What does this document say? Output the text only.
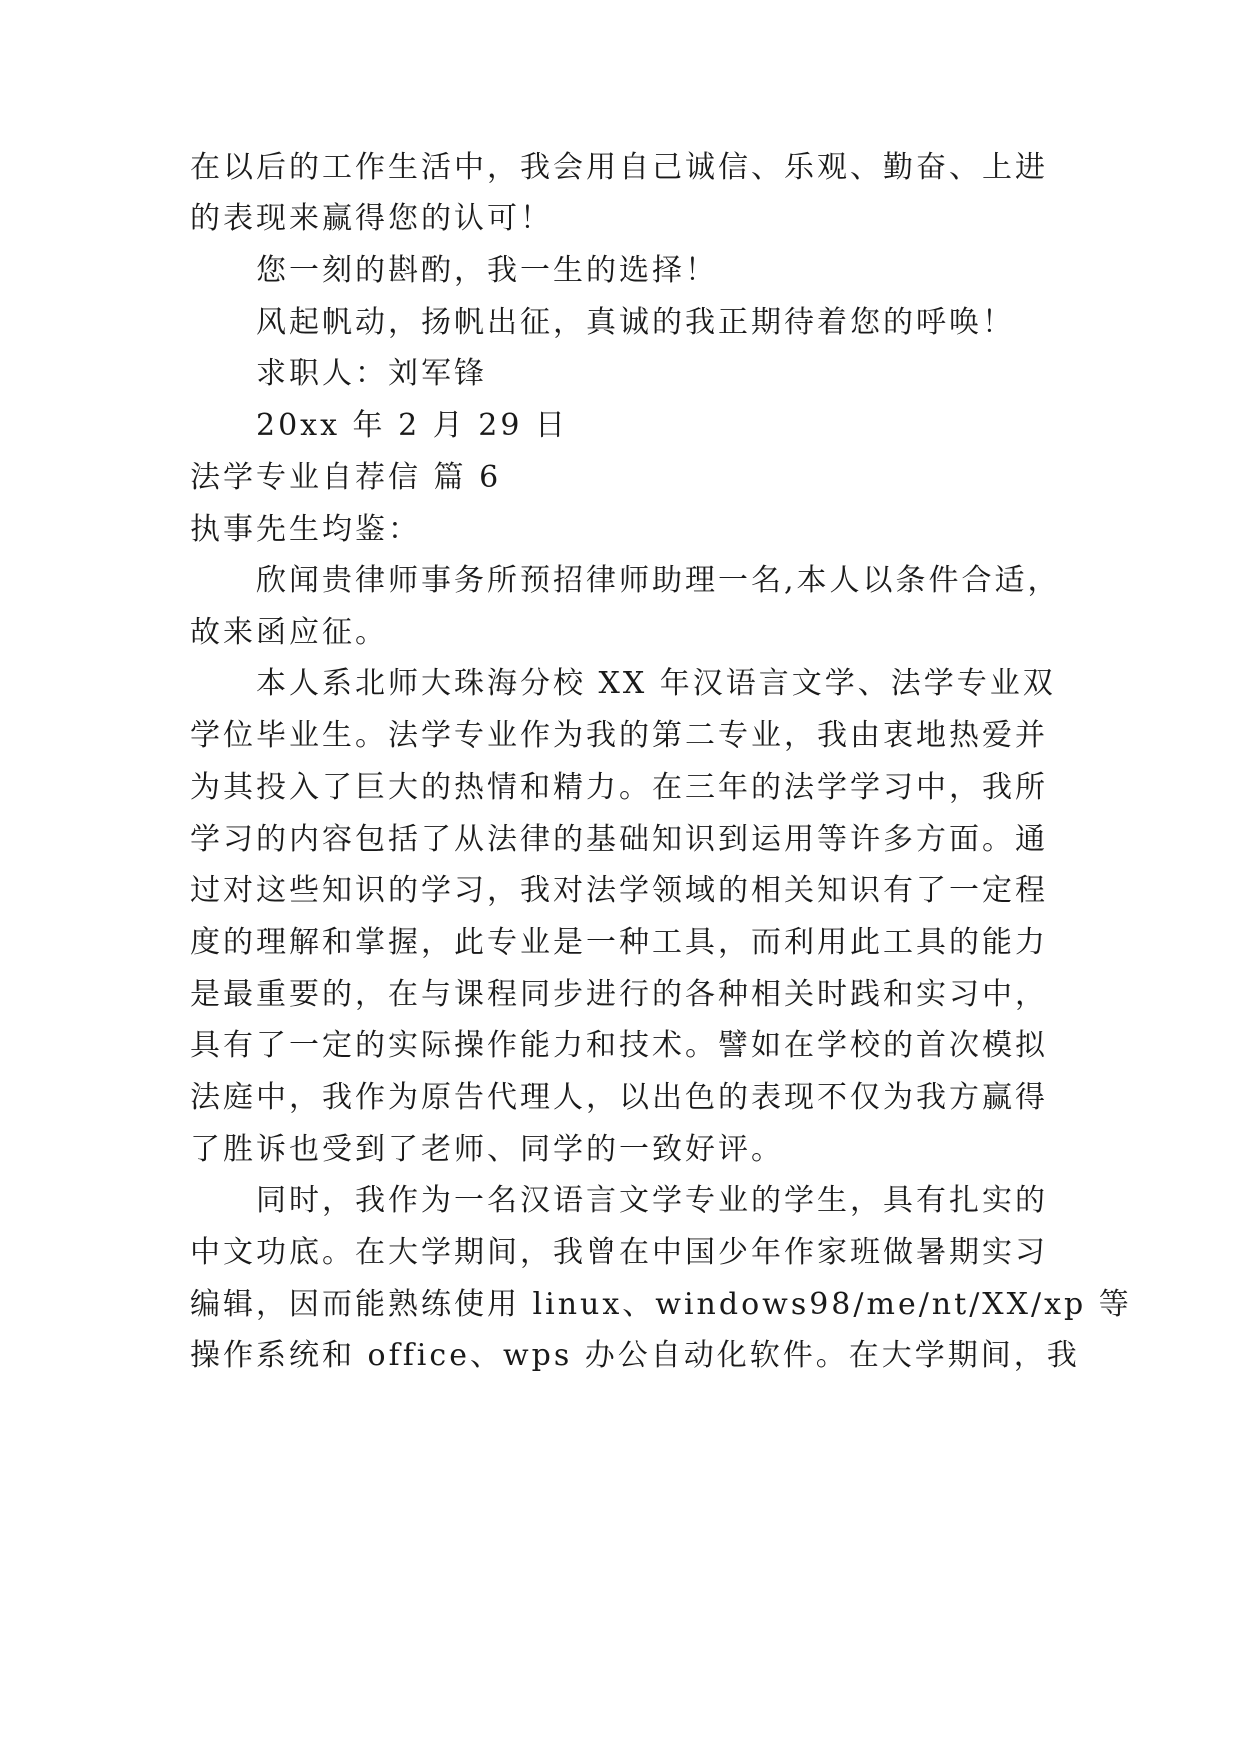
在以后的工作生活中，我会用自己诚信、乐观、勤奋、上进
的表现来赢得您的认可！
您一刻的斟酌，我一生的选择！
风起帆动，扬帆出征，真诚的我正期待着您的呼唤！
求职人：刘军锋
20xx 年 2 月 29 日
法学专业自荐信 篇 6
执事先生均鉴：
欣闻贵律师事务所预招律师助理一名,本人以条件合适，
故来函应征。
本人系北师大珠海分校 XX 年汉语言文学、法学专业双
学位毕业生。法学专业作为我的第二专业，我由衷地热爱并
为其投入了巨大的热情和精力。在三年的法学学习中，我所
学习的内容包括了从法律的基础知识到运用等许多方面。通
过对这些知识的学习，我对法学领域的相关知识有了一定程
度的理解和掌握，此专业是一种工具，而利用此工具的能力
是最重要的，在与课程同步进行的各种相关时践和实习中，
具有了一定的实际操作能力和技术。譬如在学校的首次模拟
法庭中，我作为原告代理人，以出色的表现不仅为我方赢得
了胜诉也受到了老师、同学的一致好评。
同时，我作为一名汉语言文学专业的学生，具有扎实的
中文功底。在大学期间，我曾在中国少年作家班做暑期实习
编辑，因而能熟练使用 linux、windows98/me/nt/XX/xp 等
操作系统和 office、wps 办公自动化软件。在大学期间，我
